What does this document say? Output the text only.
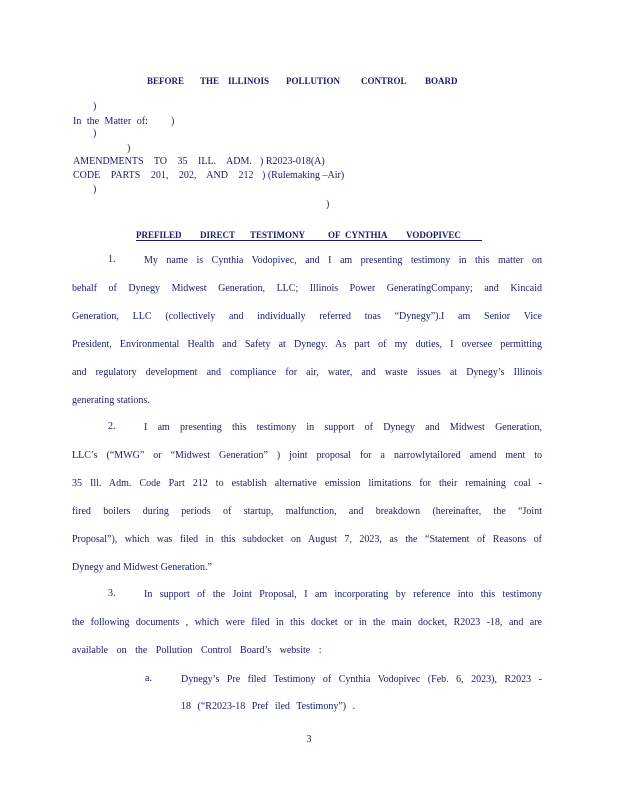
BEFORE THE ILLINOIS POLLUTION CONTROL BOARD
)
In the Matter of: )
)
)
AMENDMENTS TO 35 ILL. ADM. ) R2023-018(A)
CODE PARTS 201, 202, AND 212 ) (Rulemaking –Air)
)
)
PREFILED DIRECT TESTIMONY	OF CYNTHIA VODOPIVEC
1.	My name is Cynthia Vodopivec, and I am presenting testimony in this matter on
behalf of Dynegy Midwest Generation, LLC; Illinois Power GeneratingCompany; and Kincaid
Generation, LLC (collectively and individually referred toas “Dynegy”).I am Senior Vice
President, Environmental Health and Safety at Dynegy. As part of my duties, I oversee permitting
and regulatory development and compliance for air, water, and waste issues at Dynegy’s Illinois
generating stations.
2.	I am presenting this testimony in support of Dynegy and Midwest Generation,
LLC’s (“MWG” or “Midwest Generation” ) joint proposal for a narrowlytailored amend ment to
35 Ill. Adm. Code Part 212 to establish alternative emission limitations for their remaining coal -
fired boilers during periods of startup, malfunction, and breakdown (hereinafter, the “Joint
Proposal”), which was filed in this subdocket on August 7, 2023, as the “Statement of Reasons of
Dynegy and Midwest Generation.”
3.	In support of the Joint Proposal, I am incorporating by reference into this testimony
the following documents , which were filed in this docket or in the main docket, R2023 -18, and are
available on the Pollution Control Board’s website :
a.	Dynegy’s Pre filed Testimony of Cynthia Vodopivec (Feb. 6, 2023), R2023 -
18 (“R2023-18 Pref iled Testimony”) .
3
